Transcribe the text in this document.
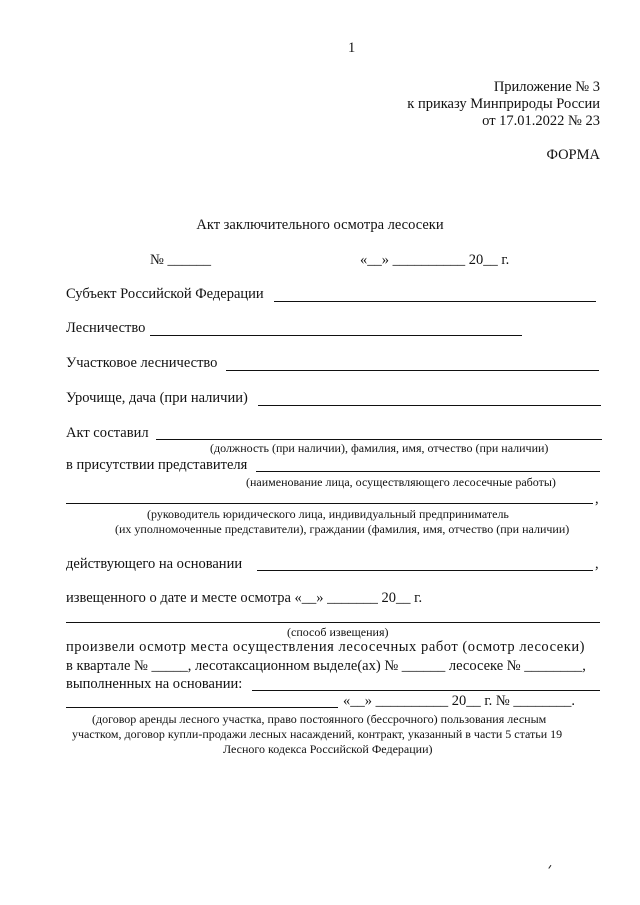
1
Приложение № 3
к приказу Минприроды России
от 17.01.2022 № 23
ФОРМА
Акт заключительного осмотра лесосеки
№ ______	«__» __________ 20__ г.
Субъект Российской Федерации
Лесничество
Участковое лесничество
Урочище, дача (при наличии)
Акт составил
(должность (при наличии), фамилия, имя, отчество (при наличии)
в присутствии представителя
(наименование лица, осуществляющего лесосечные работы)
,
(руководитель юридического лица, индивидуальный предприниматель
(их уполномоченные представители), граждании (фамилия, имя, отчество (при наличии)
действующего на основании	,
извещенного о дате и месте осмотра «__» _______ 20__ г.
(способ извещения)
произвели осмотр места осуществления лесосечных работ (осмотр лесосеки)
в квартале № _____, лесотаксационном выделе(ах) № ______ лесосеке № ________,
выполненных на основании:
«__» __________ 20__ г. № ________.
(договор аренды лесного участка, право постоянного (бессрочного) пользования лесным
участком, договор купли-продажи лесных насаждений, контракт, указанный в части 5 статьи 19
Лесного кодекса Российской Федерации)
